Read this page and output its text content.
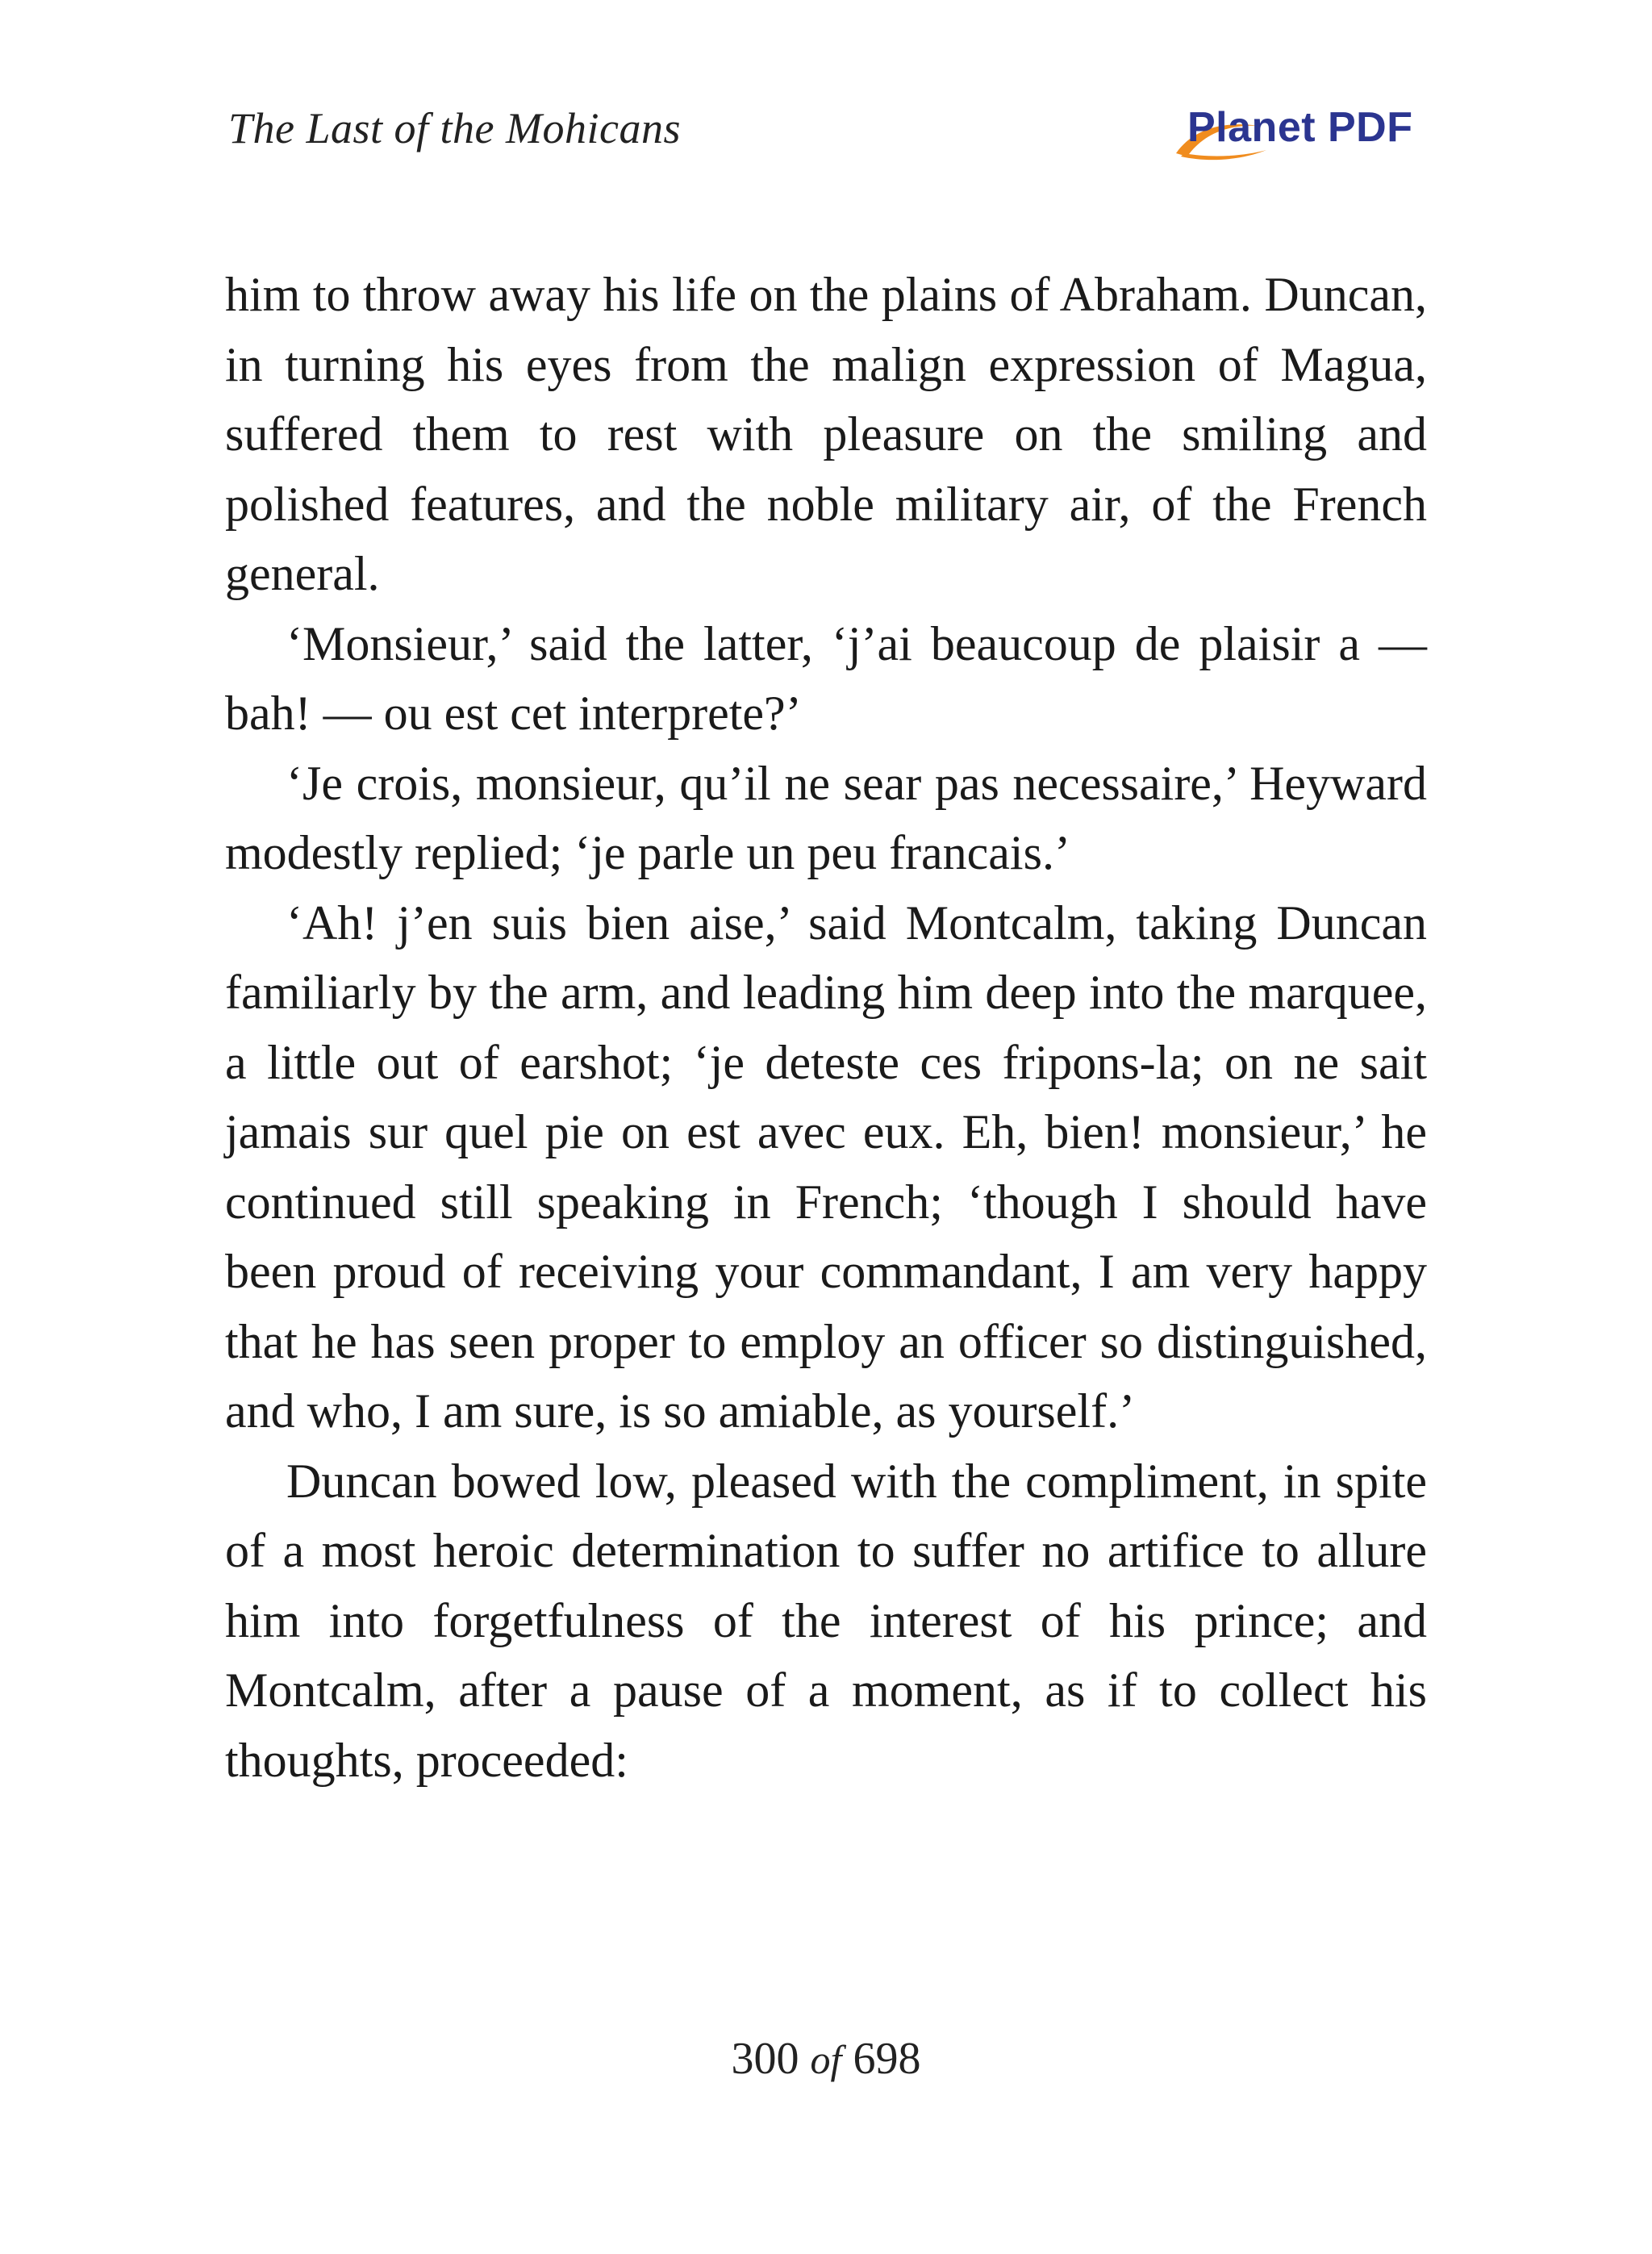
The Last of the Mohicans	Planet PDF

him to throw away his life on the plains of Abraham. Duncan, in turning his eyes from the malign expression of Magua, suffered them to rest with pleasure on the smiling and polished features, and the noble military air, of the French general.

‘Monsieur,’ said the latter, ‘j’ai beaucoup de plaisir a — bah! — ou est cet interprete?’

‘Je crois, monsieur, qu’il ne sear pas necessaire,’ Heyward modestly replied; ‘je parle un peu francais.’

‘Ah! j’en suis bien aise,’ said Montcalm, taking Duncan familiarly by the arm, and leading him deep into the marquee, a little out of earshot; ‘je deteste ces fripons-la; on ne sait jamais sur quel pie on est avec eux. Eh, bien! monsieur,’ he continued still speaking in French; ‘though I should have been proud of receiving your commandant, I am very happy that he has seen proper to employ an officer so distinguished, and who, I am sure, is so amiable, as yourself.’

Duncan bowed low, pleased with the compliment, in spite of a most heroic determination to suffer no artifice to allure him into forgetfulness of the interest of his prince; and Montcalm, after a pause of a moment, as if to collect his thoughts, proceeded:

300 of 698
